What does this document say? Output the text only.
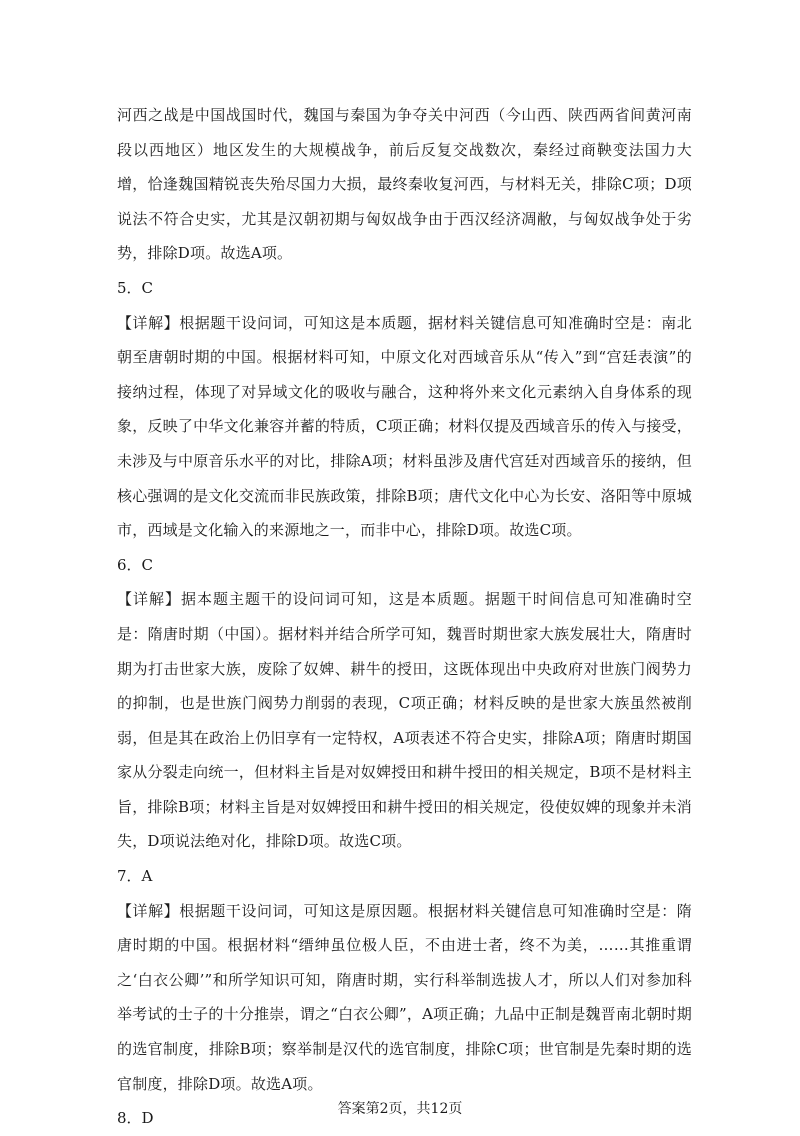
河西之战是中国战国时代，魏国与秦国为争夺关中河西（今山西、陕西两省间黄河南段以西地区）地区发生的大规模战争，前后反复交战数次，秦经过商鞅变法国力大增，恰逢魏国精锐丧失殆尽国力大损，最终秦收复河西，与材料无关，排除C项；D项说法不符合史实，尤其是汉朝初期与匈奴战争由于西汉经济凋敝，与匈奴战争处于劣势，排除D项。故选A项。

5．C

【详解】根据题干设问词，可知这是本质题，据材料关键信息可知准确时空是：南北朝至唐朝时期的中国。根据材料可知，中原文化对西域音乐从“传入”到“宫廷表演”的接纳过程，体现了对异域文化的吸收与融合，这种将外来文化元素纳入自身体系的现象，反映了中华文化兼容并蓄的特质，C项正确；材料仅提及西域音乐的传入与接受，未涉及与中原音乐水平的对比，排除A项；材料虽涉及唐代宫廷对西域音乐的接纳，但核心强调的是文化交流而非民族政策，排除B项；唐代文化中心为长安、洛阳等中原城市，西域是文化输入的来源地之一，而非中心，排除D项。故选C项。

6．C

【详解】据本题主题干的设问词可知，这是本质题。据题干时间信息可知准确时空是：隋唐时期（中国）。据材料并结合所学可知，魏晋时期世家大族发展壮大，隋唐时期为打击世家大族，废除了奴婢、耕牛的授田，这既体现出中央政府对世族门阀势力的抑制，也是世族门阀势力削弱的表现，C项正确；材料反映的是世家大族虽然被削弱，但是其在政治上仍旧享有一定特权，A项表述不符合史实，排除A项；隋唐时期国家从分裂走向统一，但材料主旨是对奴婢授田和耕牛授田的相关规定，B项不是材料主旨，排除B项；材料主旨是对奴婢授田和耕牛授田的相关规定，役使奴婢的现象并未消失，D项说法绝对化，排除D项。故选C项。

7．A

【详解】根据题干设问词，可知这是原因题。根据材料关键信息可知准确时空是：隋唐时期的中国。根据材料“缙绅虽位极人臣，不由进士者，终不为美，……其推重谓之‘白衣公卿’”和所学知识可知，隋唐时期，实行科举制选拔人才，所以人们对参加科举考试的士子的十分推崇，谓之“白衣公卿”，A项正确；九品中正制是魏晋南北朝时期的选官制度，排除B项；察举制是汉代的选官制度，排除C项；世官制是先秦时期的选官制度，排除D项。故选A项。

8．D

答案第2页，共12页
